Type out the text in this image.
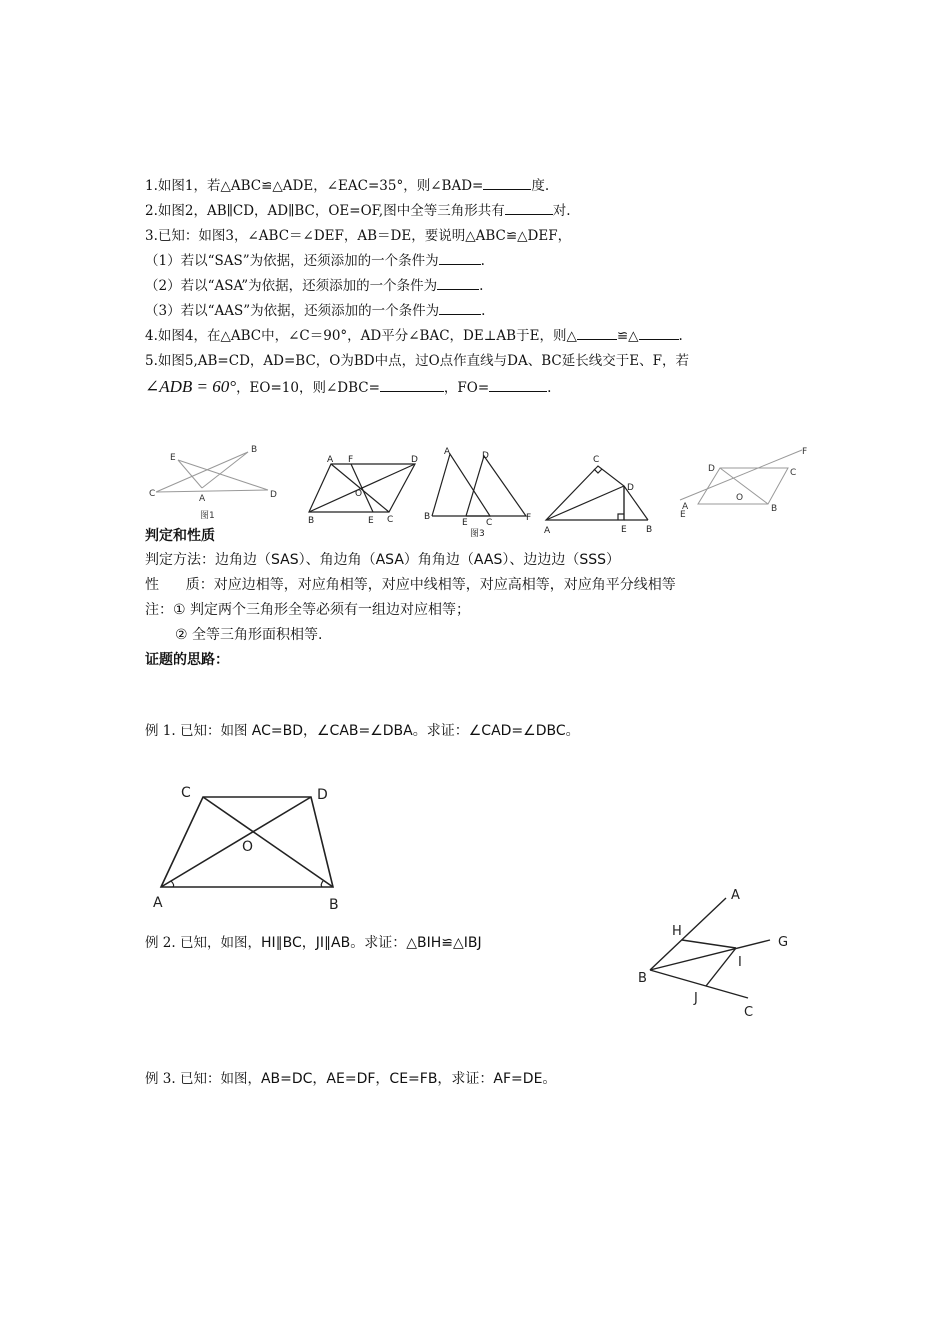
1.如图1，若△ABC≌△ADE，∠EAC=35°，则∠BAD=	度.
2.如图2，AB∥CD，AD∥BC，OE=OF,图中全等三角形共有	对.
3.已知：如图3，∠ABC＝∠DEF，AB＝DE，要说明△ABC≌△DEF，
（1）若以“SAS”为依据，还须添加的一个条件为	.
（2）若以“ASA”为依据，还须添加的一个条件为	.
（3）若以“AAS”为依据，还须添加的一个条件为	.
4.如图4，在△ABC中，∠C＝90°，AD平分∠BAC，DE⊥AB于E，则△	≌△	.
5.如图5,AB=CD，AD=BC，O为BD中点，过O点作直线与DA、BC延长线交于E、F，若
∠ADB = 60°，EO=10，则∠DBC=	，FO=	.
E
B
C	A	D
图1
A F	D
O
B	E C
A	D
B
E C	F
图3
C
D
A	E B
F
D	C
O
A	B
E
判定和性质
判定方法：边角边（SAS）、角边角（ASA）角角边（AAS）、边边边（SSS）
性      质：对应边相等，对应角相等，对应中线相等，对应高相等，对应角平分线相等
注：① 判定两个三角形全等必须有一组边对应相等；
② 全等三角形面积相等.
证题的思路：
例 1. 已知：如图 AC=BD，∠CAB=∠DBA。求证：∠CAD=∠DBC。
C	D
O
A	B
例 2. 已知，如图，HI∥BC，JI∥AB。求证：△BIH≌△IBJ
A
H
G
I
B
J
C
例 3. 已知：如图，AB=DC，AE=DF，CE=FB，求证：AF=DE。
